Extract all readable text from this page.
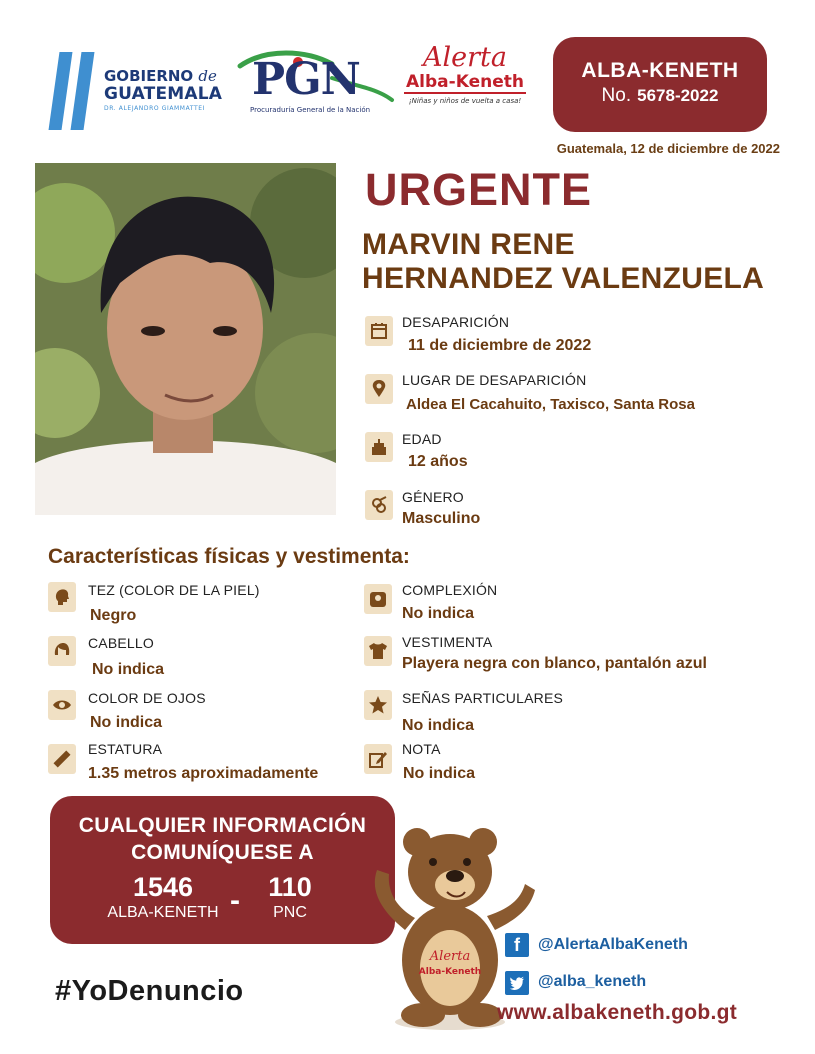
GOBIERNO de
GUATEMALA
DR. ALEJANDRO GIAMMATTEI
PGN
Procuraduría General de la Nación
Alerta
Alba-Keneth
¡Niñas y niños de vuelta a casa!
ALBA-KENETH
No. 5678-2022
Guatemala, 12 de diciembre de 2022
URGENTE
MARVIN RENE
HERNANDEZ VALENZUELA
DESAPARICIÓN
11 de diciembre de 2022
LUGAR DE DESAPARICIÓN
Aldea El Cacahuito, Taxisco, Santa Rosa
EDAD
12 años
GÉNERO
Masculino
Características físicas y vestimenta:
TEZ (COLOR DE LA PIEL)
Negro
CABELLO
No indica
COLOR DE OJOS
No indica
ESTATURA
1.35 metros aproximadamente
COMPLEXIÓN
No indica
VESTIMENTA
Playera negra con blanco, pantalón azul
SEÑAS PARTICULARES
No indica
NOTA
No indica
CUALQUIER INFORMACIÓN
COMUNÍQUESE A
1546
ALBA-KENETH -	110
PNC
Alerta
Alba-Keneth
#YoDenuncio
f	@AlertaAlbaKeneth
@alba_keneth
www.albakeneth.gob.gt
